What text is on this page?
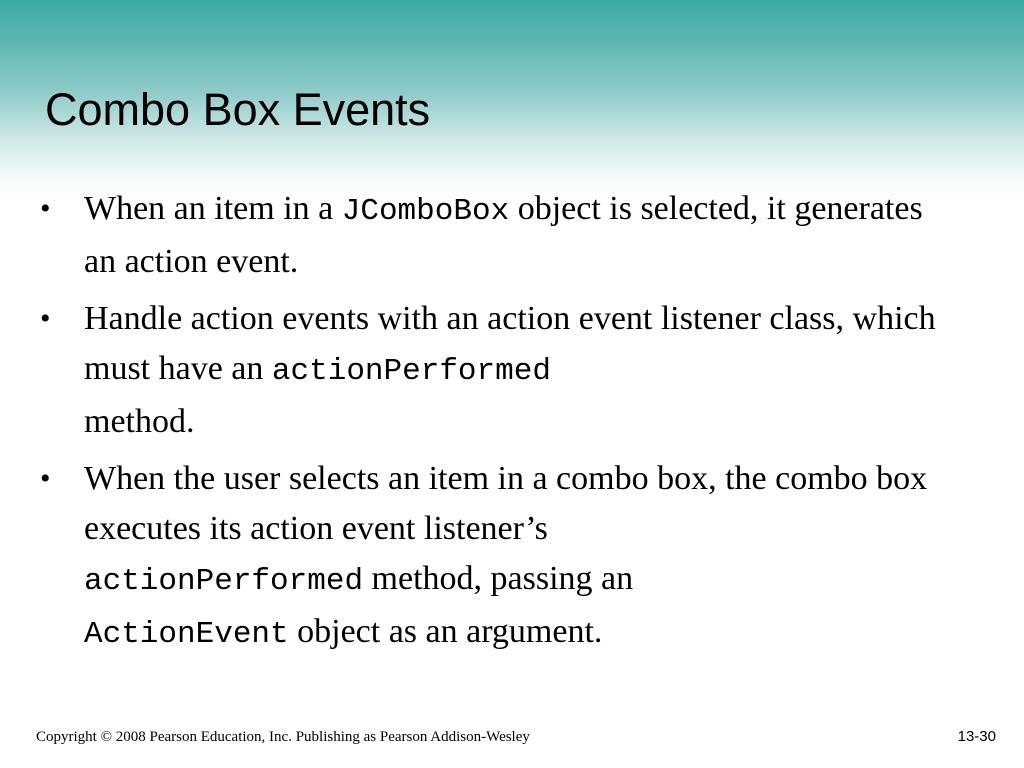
Combo Box Events
• When an item in a JComboBox object is selected, it generates an action event.
• Handle action events with an action event listener class, which must have an actionPerformed
method.
• When the user selects an item in a combo box, the combo box executes its action event listener’s
actionPerformed method, passing an
ActionEvent object as an argument.
Copyright © 2008 Pearson Education, Inc. Publishing as Pearson Addison-Wesley	13-30
